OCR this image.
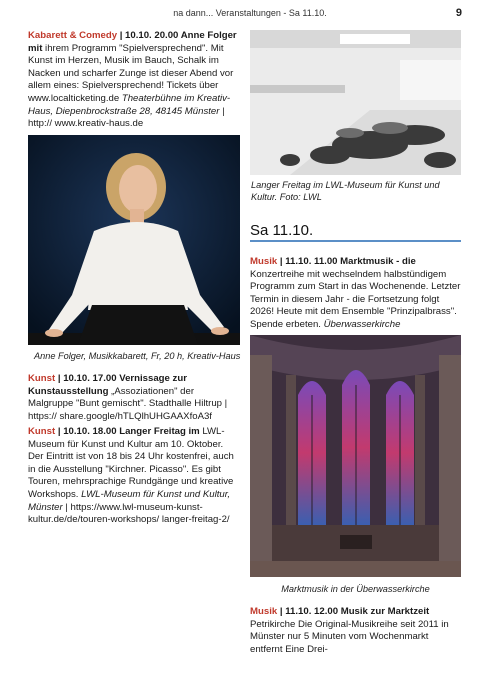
na dann... Veranstaltungen - Sa 11.10.	9

Kabarett & Comedy | 10.10. 20.00 Anne Folger mit ihrem Programm "Spielversprechend". Mit Kunst im Herzen, Musik im Bauch, Schalk im Nacken und scharfer Zunge ist dieser Abend vor allem eines: Spielversprechend! Tickets über www.localticketing.de Theaterbühne im Kreativ-Haus, Diepenbrockstraße 28, 48145 Münster | http:// www.kreativ-haus.de

Anne Folger, Musikkabarett, Fr, 20 h, Kreativ-Haus

Kunst | 10.10. 17.00 Vernissage zur Kunstausstellung „Assoziationen" der Malgruppe "Bunt gemischt". Stadthalle Hiltrup | https:// share.google/hTLQlhUHGAAXfoA3f

Kunst | 10.10. 18.00 Langer Freitag im LWL-Museum für Kunst und Kultur am 10. Oktober. Der Eintritt ist von 18 bis 24 Uhr kostenfrei, auch in die Ausstellung "Kirchner. Picasso". Es gibt Touren, mehrsprachige Rundgänge und kreative Workshops. LWL-Museum für Kunst und Kultur, Münster | https://www.lwl-museum-kunst-kultur.de/de/touren-workshops/ langer-freitag-2/

Langer Freitag im LWL-Museum für Kunst und Kultur. Foto: LWL
Sa 11.10.

Musik | 11.10. 11.00 Marktmusik - die Konzertreihe mit wechselndem halbstündigem Programm zum Start in das Wochenende. Letzter Termin in diesem Jahr - die Fortsetzung folgt 2026! Heute mit dem Ensemble "Prinzipalbrass". Spende erbeten. Überwasserkirche

Marktmusik in der Überwasserkirche

Musik | 11.10. 12.00 Musik zur Marktzeit Petrikirche Die Original-Musikreihe seit 2011 in Münster nur 5 Minuten vom Wochenmarkt entfernt Eine Drei-
